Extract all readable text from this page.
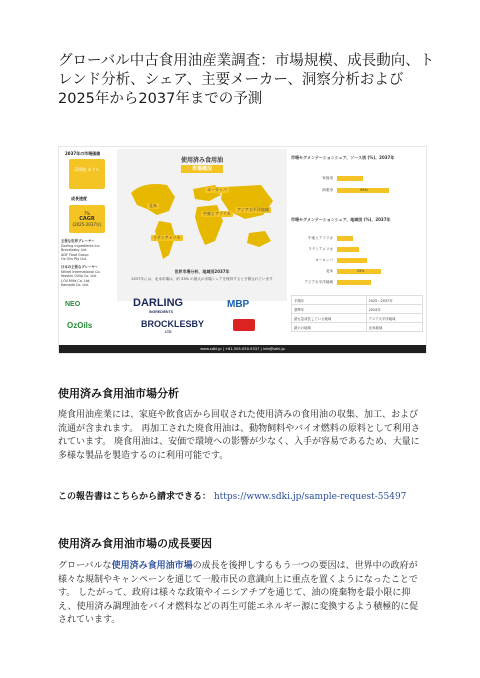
グローバル中古食用油産業調査：市場規模、成長動向、トレンド分析、シェア、主要メーカー、洞察分析および2025年から2037年までの予測
2037年の市場価値
220億 米ドル
成長速度
7%
CAGR
(2025-2037年)
主要な世界プレーヤー
Darling Ingredients Inc.
Brocklesby Ltd.
ADF Food Group
Oz Oils Pty Ltd.
日本の主要なプレーヤー
Nikkei International Co.
Nisshin Oillio Co. Ltd.
J-Oil Mills Co. Ltd.
Kamada Co. Ltd.
使用済み食用油
市場概況
北米
ヨーロッパ
中東とアフリカ
アジア太平洋地域
ラテンアメリカ
世界市場分析、地域別2037年
2037年には、北米市場は、約 33% の最大の市場シェアを保持すると予測されています
市場セグメンテーションシェア、ソース別 (%)、2037年
家庭用
商業用	65%
市場セグメンテーションシェア、地域別 (%)、2037年
中東とアフリカ
ラテンアメリカ
ヨーロッパ
北米	33%
アジア太平洋地域
予測年	2025～2037年
基準年	2024年
最も急成長している地域	アジア太平洋地域
最大の地域	北米地域
NEO	DARLING
INGREDIENTS
MBP
OzOils	BROCKLESBY
LTD
www.sdki.jp | +81-505-050-9337 | info@sdki.jp
使用済み食用油市場分析

廃食用油産業には、家庭や飲食店から回収された使用済みの食用油の収集、加工、および流通が含まれます。 再加工された廃食用油は、動物飼料やバイオ燃料の原料として利用されています。 廃食用油は、安価で環境への影響が少なく、入手が容易であるため、大量に多様な製品を製造するのに利用可能です。

この報告書はこちらから請求できる： https://www.sdki.jp/sample-request-55497
使用済み食用油市場の成長要因

グローバルな使用済み食用油市場の成長を後押しするもう一つの要因は、世界中の政府が様々な規制やキャンペーンを通じて一般市民の意識向上に重点を置くようになったことです。 したがって、政府は様々な政策やイニシアチブを通じて、油の廃棄物を最小限に抑え、使用済み調理油をバイオ燃料などの再生可能エネルギー源に変換するよう積極的に促されています。
